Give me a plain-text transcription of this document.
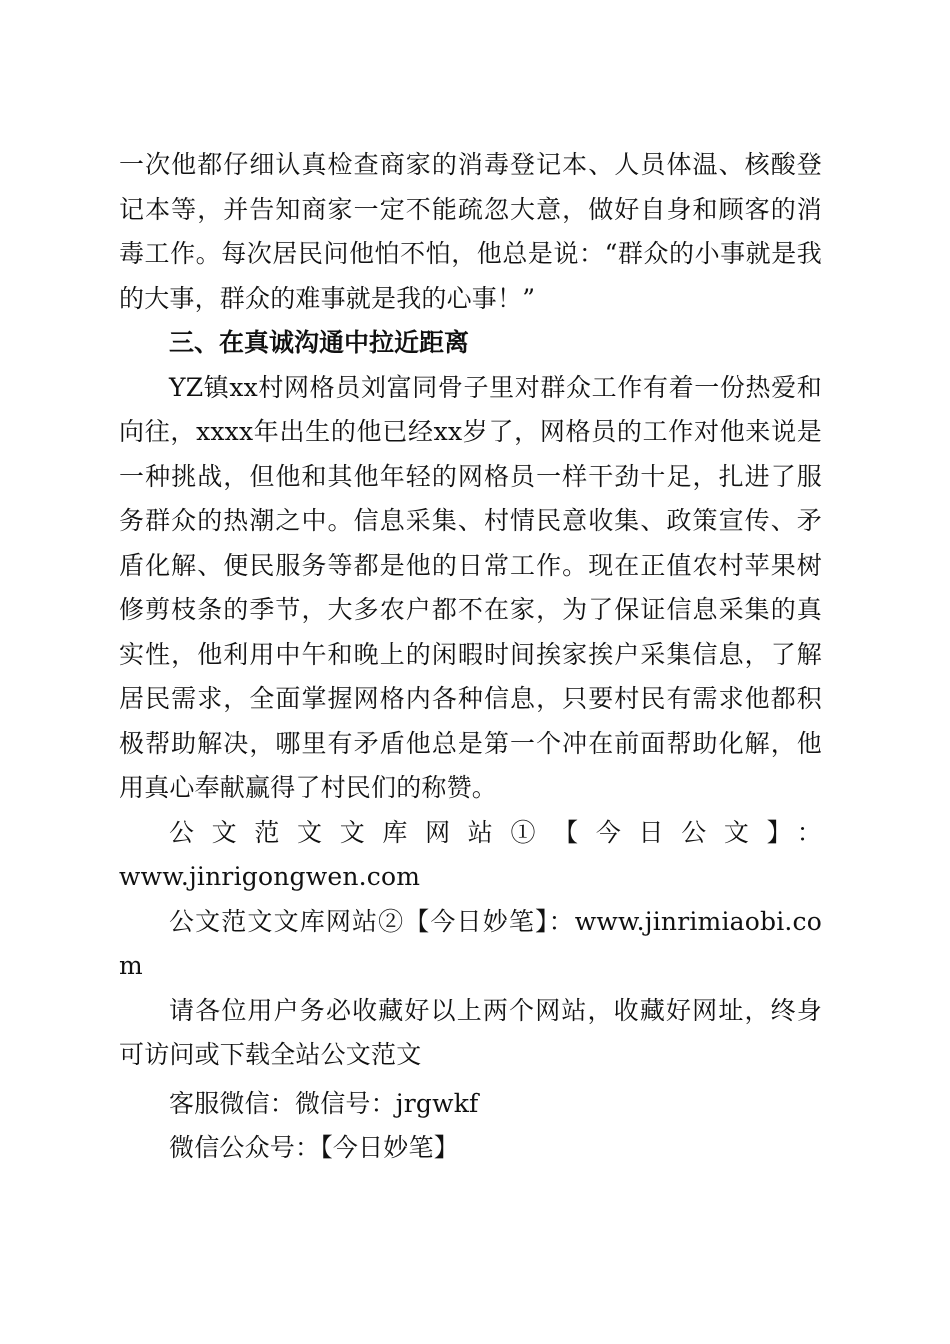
一次他都仔细认真检查商家的消毒登记本、人员体温、核酸登记本等，并告知商家一定不能疏忽大意，做好自身和顾客的消毒工作。每次居民问他怕不怕，他总是说：“群众的小事就是我的大事，群众的难事就是我的心事！”

三、在真诚沟通中拉近距离

YZ镇xx村网格员刘富同骨子里对群众工作有着一份热爱和向往，xxxx年出生的他已经xx岁了，网格员的工作对他来说是一种挑战，但他和其他年轻的网格员一样干劲十足，扎进了服务群众的热潮之中。信息采集、村情民意收集、政策宣传、矛盾化解、便民服务等都是他的日常工作。现在正值农村苹果树修剪枝条的季节，大多农户都不在家，为了保证信息采集的真实性，他利用中午和晚上的闲暇时间挨家挨户采集信息，了解居民需求，全面掌握网格内各种信息，只要村民有需求他都积极帮助解决，哪里有矛盾他总是第一个冲在前面帮助化解，他用真心奉献赢得了村民们的称赞。

公文范文文库网站①【今日公文】：

www.jinrigongwen.com

公文范文文库网站②【今日妙笔】：www.jinrimiaobi.com

请各位用户务必收藏好以上两个网站，收藏好网址，终身可访问或下载全站公文范文

客服微信：微信号：jrgwkf

微信公众号：【今日妙笔】
